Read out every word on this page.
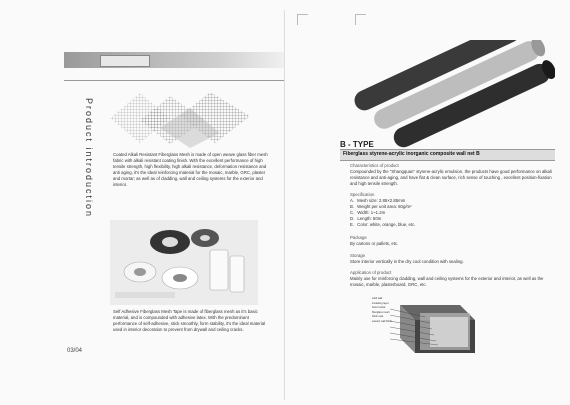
Product introduction	Coated Alkali Resistant Fiberglass Mesh is made of open weave glass fiber mesh fabric with alkali resistant coating finish. With the excellent performance of high tensile strength, high flexibility, high alkali resistance, deformation resistance and anti aging, it's the ideal reinforcing material for the mosaic, marble, GRC, plaster and mortar; as well as of cladding, wall and ceiling systems for the exterior and interior.
Self Adhesive Fiberglass Mesh Tape is made of fiberglass mesh as it's basic material, and is compounded with adhesive latex. With the predominant performance of self-adhesive, stick smoothly, form stability, it's the ideal material used in interior decoration to prevent from drywall and ceiling cracks.
03/04
B - TYPE
Fiberglass styrene-acrylic inorganic composite wall net B
Characteristics of product
Compounded by the "Shangquan" styrene-acrylic emulsion, the products have good performance on alkali resistance and anti-aging, and have flat & clean surface, rich sense of touching , excellent position-fixation and high tensile strength.
Specification
A．Mesh size: 2.85×2.85mm
B．Weight per unit area: 60g/m²
C．Width: 1~1.2m
D．Length: 50m
E．Color: white, orange, blue, etc.
Package
By cartons or pallets, etc.
Storage
Store interior vertically in the dry cool condition with sealing.
Application of product
Mainly use for reinforcing cladding, wall and ceiling systems for the exterior and interior, as well as the mosaic, marble, plasterboard, GRC, etc.
solid wall
insulating layer
bond mortar
fiberglass mesh
finish coat
exterior wall finish
